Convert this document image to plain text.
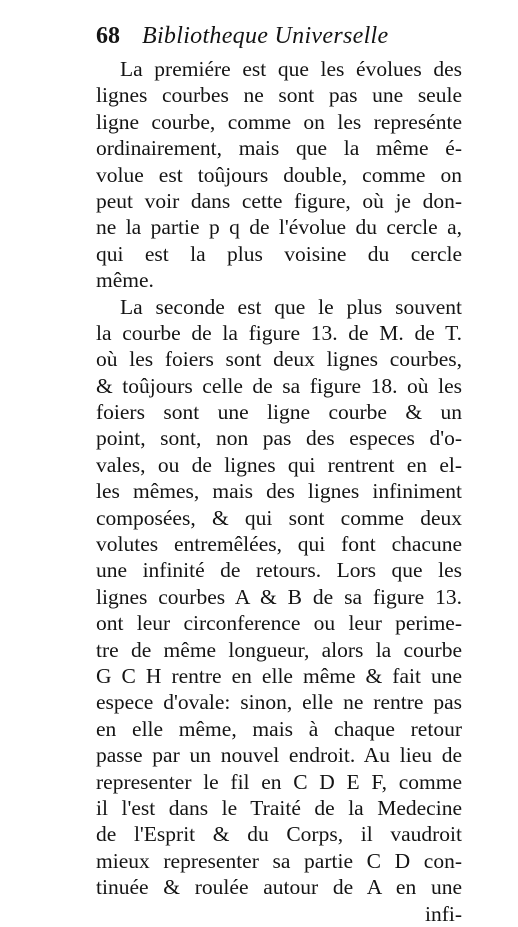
68 Bibliotheque Universelle
La premiére est que les évolues des
lignes courbes ne sont pas une seule
ligne courbe, comme on les represénte
ordinairement, mais que la même é-
volue est toûjours double, comme on
peut voir dans cette figure, où je don-
ne la partie p q de l'évolue du cercle a,
qui est la plus voisine du cercle
même.
La seconde est que le plus souvent
la courbe de la figure 13. de M. de T.
où les foiers sont deux lignes courbes,
& toûjours celle de sa figure 18. où les
foiers sont une ligne courbe & un
point, sont, non pas des especes d'o-
vales, ou de lignes qui rentrent en el-
les mêmes, mais des lignes infiniment
composées, & qui sont comme deux
volutes entremêlées, qui font chacune
une infinité de retours. Lors que les
lignes courbes A & B de sa figure 13.
ont leur circonference ou leur perime-
tre de même longueur, alors la courbe
G C H rentre en elle même & fait une
espece d'ovale: sinon, elle ne rentre pas
en elle même, mais à chaque retour
passe par un nouvel endroit. Au lieu de
representer le fil en C D E F, comme
il l'est dans le Traité de la Medecine
de l'Esprit & du Corps, il vaudroit
mieux representer sa partie C D con-
tinuée & roulée autour de A en une
infi-
